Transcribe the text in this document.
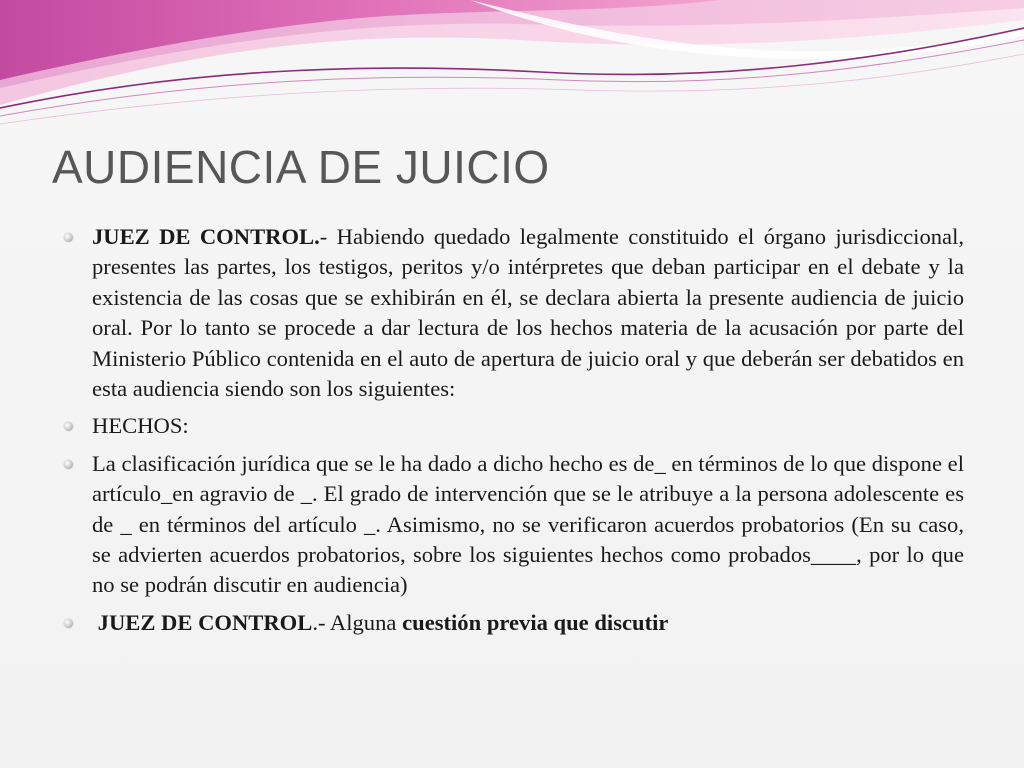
AUDIENCIA DE JUICIO

JUEZ DE CONTROL.- Habiendo quedado legalmente constituido el órgano jurisdiccional, presentes las partes, los testigos, peritos y/o intérpretes que deban participar en el debate y la existencia de las cosas que se exhibirán en él, se declara abierta la presente audiencia de juicio oral. Por lo tanto se procede a dar lectura de los hechos materia de la acusación por parte del Ministerio Público contenida en el auto de apertura de juicio oral y que deberán ser debatidos en esta audiencia siendo son los siguientes:

HECHOS:

La clasificación jurídica que se le ha dado a dicho hecho es de_ en términos de lo que dispone el artículo_en agravio de _. El grado de intervención que se le atribuye a la persona adolescente es de _ en términos del artículo _. Asimismo, no se verificaron acuerdos probatorios (En su caso, se advierten acuerdos probatorios, sobre los siguientes hechos como probados____, por lo que no se podrán discutir en audiencia)

JUEZ DE CONTROL.- Alguna cuestión previa que discutir
